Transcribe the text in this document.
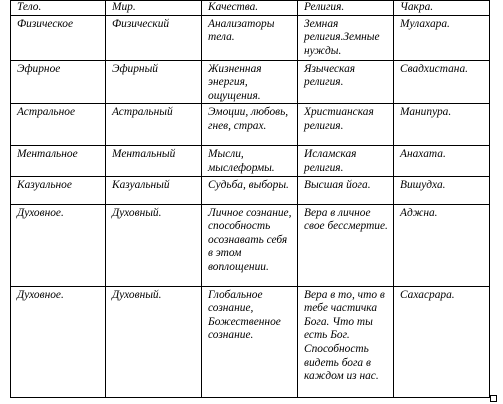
Тело.	Мир.	Качества.	Религия.	Чакра.
Физическое	Физический	Анализаторы тела.	Земная религия.Земные нужды.	Мулахара.
Эфирное	Эфирный	Жизненная энергия, ощущения.	Языческая религия.	Свадхистана.
Астральное	Астральный	Эмоции, любовь, гнев, страх.	Христианская религия.	Манипура.
Ментальное	Ментальный	Мысли, мыслеформы.	Исламская религия.	Анахата.
Казуальное	Казуальный	Судьба, выборы.	Высшая йога.	Вишудха.
Духовное.	Духовный.	Личное сознание, способность осознавать себя в этом воплощении.	Вера в личное свое бессмертие.	Аджна.
Духовное.	Духовный.	Глобальное сознание, Божественное сознание.	Вера в то, что в тебе частичка Бога. Что ты есть Бог. Способность видеть бога в каждом из нас.	Сахасрара.
